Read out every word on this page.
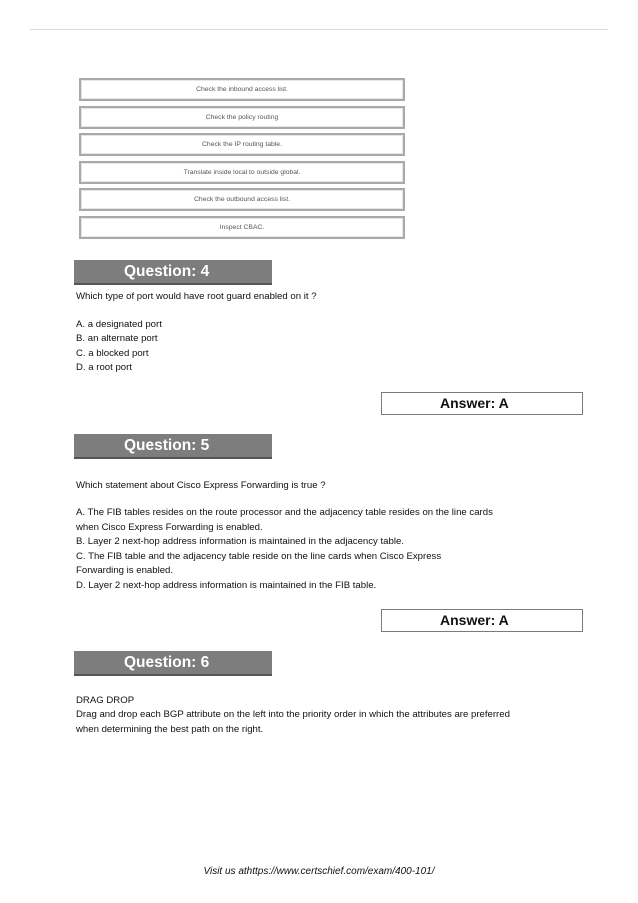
Check the inbound access list.
Check the policy routing
Check the IP routing table.
Translate inside local to outside global.
Check the outbound access list.
Inspect CBAC.
Question: 4
Which type of port would have root guard enabled on it ?
A. a designated port
B. an alternate port
C. a blocked port
D. a root port
Answer: A
Question: 5
Which statement about Cisco Express Forwarding is true ?
A. The FIB tables resides on the route processor and the adjacency table resides on the line cards
when Cisco Express Forwarding is enabled.
B. Layer 2 next-hop address information is maintained in the adjacency table.
C. The FIB table and the adjacency table reside on the line cards when Cisco Express
Forwarding is enabled.
D. Layer 2 next-hop address information is maintained in the FIB table.
Answer: A
Question: 6
DRAG DROP
Drag and drop each BGP attribute on the left into the priority order in which the attributes are preferred
when determining the best path on the right.
Visit us athttps://www.certschief.com/exam/400-101/
